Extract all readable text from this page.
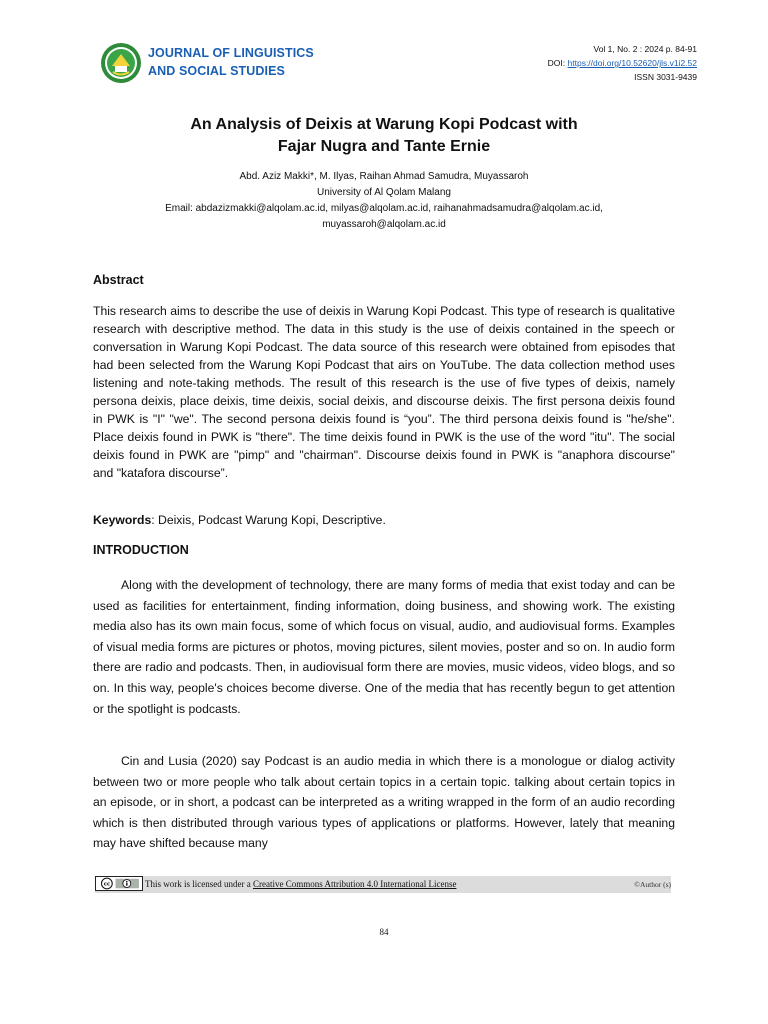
JOURNAL OF LINGUISTICS
AND SOCIAL STUDIES
Vol 1, No. 2 : 2024 p. 84-91
DOI: https://doi.org/10.52620/jls.v1i2.52
ISSN 3031-9439
An Analysis of Deixis at Warung Kopi Podcast with
Fajar Nugra and Tante Ernie
Abd. Aziz Makki*, M. Ilyas, Raihan Ahmad Samudra, Muyassaroh
University of Al Qolam Malang
Email: abdazizmakki@alqolam.ac.id, milyas@alqolam.ac.id, raihanahmadsamudra@alqolam.ac.id,
muyassaroh@alqolam.ac.id
Abstract
This research aims to describe the use of deixis in Warung Kopi Podcast. This type of research is qualitative research with descriptive method. The data in this study is the use of deixis contained in the speech or conversation in Warung Kopi Podcast. The data source of this research were obtained from episodes that had been selected from the Warung Kopi Podcast that airs on YouTube. The data collection method uses listening and note-taking methods. The result of this research is the use of five types of deixis, namely persona deixis, place deixis, time deixis, social deixis, and discourse deixis. The first persona deixis found in PWK is "I" "we". The second persona deixis found is “you”. The third persona deixis found is "he/she". Place deixis found in PWK is "there". The time deixis found in PWK is the use of the word "itu". The social deixis found in PWK are "pimp" and "chairman". Discourse deixis found in PWK is "anaphora discourse" and "katafora discourse”.
Keywords: Deixis, Podcast Warung Kopi, Descriptive.
INTRODUCTION
Along with the development of technology, there are many forms of media that exist today and can be used as facilities for entertainment, finding information, doing business, and showing work. The existing media also has its own main focus, some of which focus on visual, audio, and audiovisual forms. Examples of visual media forms are pictures or photos, moving pictures, silent movies, poster and so on. In audio form there are radio and podcasts. Then, in audiovisual form there are movies, music videos, video blogs, and so on. In this way, people's choices become diverse. One of the media that has recently begun to get attention or the spotlight is podcasts.
Cin and Lusia (2020) say Podcast is an audio media in which there is a monologue or dialog activity between two or more people who talk about certain topics in a certain topic. talking about certain topics in an episode, or in short, a podcast can be interpreted as a writing wrapped in the form of an audio recording which is then distributed through various types of applications or platforms. However, lately that meaning may have shifted because many
cc	This work is licensed under a Creative Commons Attribution 4.0 International License	©Author (s)
84
